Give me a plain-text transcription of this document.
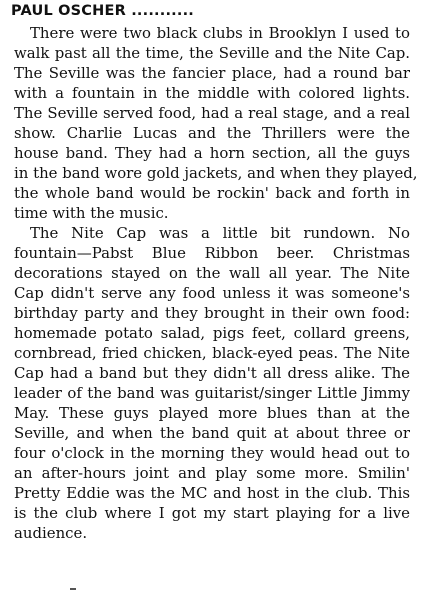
PAUL OSCHER ...........
There were two black clubs in Brooklyn I used to
walk past all the time, the Seville and the Nite Cap.
The Seville was the fancier place, had a round bar
with a fountain in the middle with colored lights.
The Seville served food, had a real stage, and a real
show. Charlie Lucas and the Thrillers were the
house band. They had a horn section, all the guys
in the band wore gold jackets, and when they played,
the whole band would be rockin' back and forth in
time with the music.
The Nite Cap was a little bit rundown. No
fountain—Pabst Blue Ribbon beer. Christmas
decorations stayed on the wall all year. The Nite
Cap didn't serve any food unless it was someone's
birthday party and they brought in their own food:
homemade potato salad, pigs feet, collard greens,
cornbread, fried chicken, black-eyed peas. The Nite
Cap had a band but they didn't all dress alike. The
leader of the band was guitarist/singer Little Jimmy
May. These guys played more blues than at the
Seville, and when the band quit at about three or
four o'clock in the morning they would head out to
an after-hours joint and play some more. Smilin'
Pretty Eddie was the MC and host in the club. This
is the club where I got my start playing for a live
audience.
